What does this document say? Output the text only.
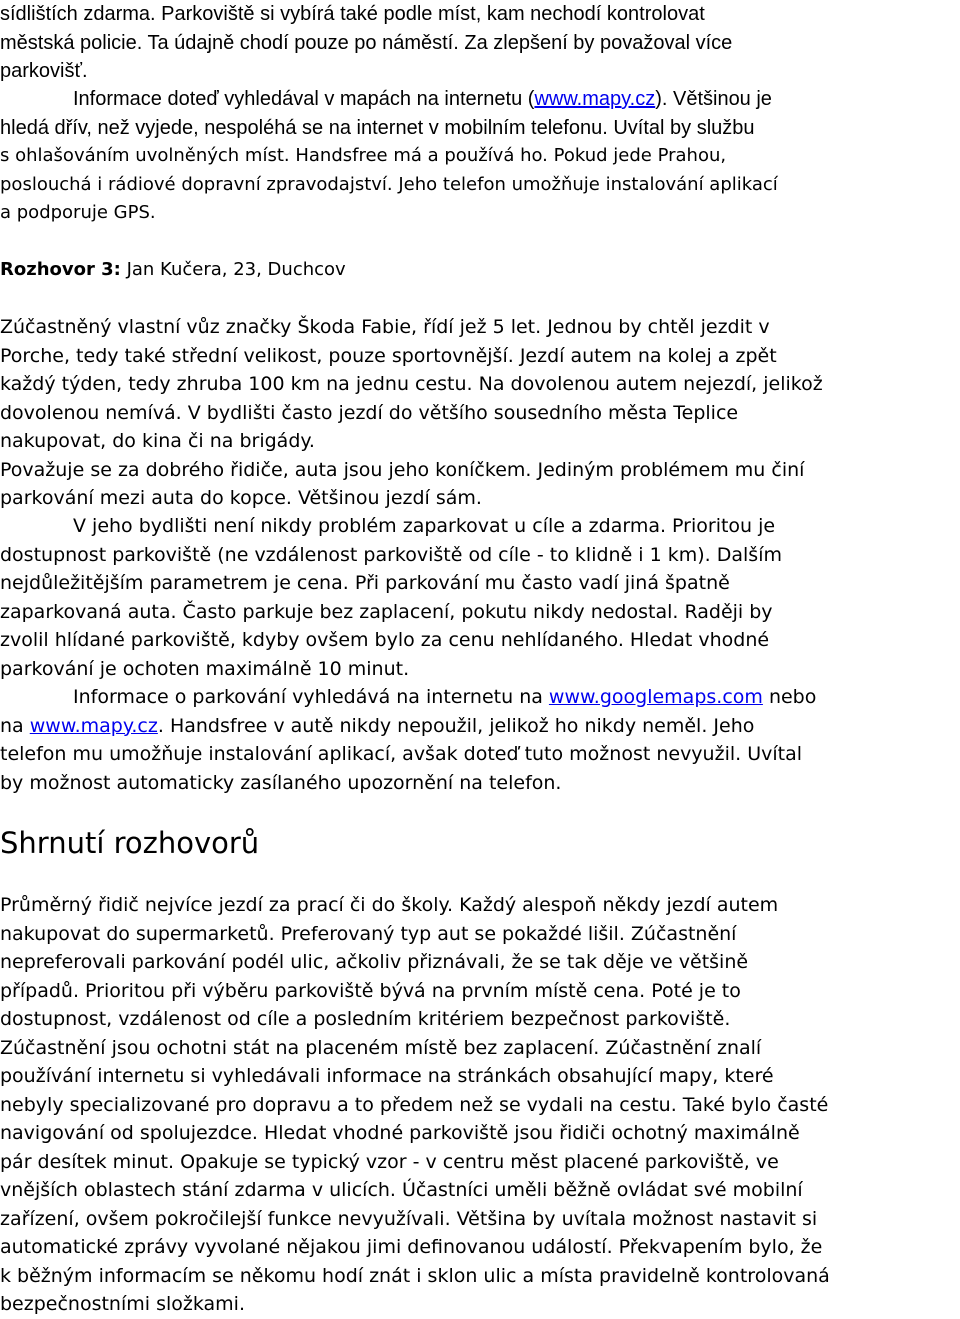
sídlištích zdarma. Parkoviště si vybírá také podle míst, kam nechodí kontrolovat
městská policie. Ta údajně chodí pouze po náměstí. Za zlepšení by považoval více
parkovišť.
Informace doteď vyhledával v mapách na internetu (www.mapy.cz). Většinou je
hledá dřív, než vyjede, nespoléhá se na internet v mobilním telefonu. Uvítal by službu
s ohlašováním uvolněných míst. Handsfree má a používá ho. Pokud jede Prahou,
poslouchá i rádiové dopravní zpravodajství. Jeho telefon umožňuje instalování aplikací
a podporuje GPS.
Rozhovor 3: Jan Kučera, 23, Duchcov
Zúčastněný vlastní vůz značky Škoda Fabie, řídí jež 5 let. Jednou by chtěl jezdit v
Porche, tedy také střední velikost, pouze sportovnější. Jezdí autem na kolej a zpět
každý týden, tedy zhruba 100 km na jednu cestu. Na dovolenou autem nejezdí, jelikož
dovolenou nemívá. V bydlišti často jezdí do většího sousedního města Teplice
nakupovat, do kina či na brigády.
Považuje se za dobrého řidiče, auta jsou jeho koníčkem. Jediným problémem mu činí
parkování mezi auta do kopce. Většinou jezdí sám.
V jeho bydlišti není nikdy problém zaparkovat u cíle a zdarma. Prioritou je
dostupnost parkoviště (ne vzdálenost parkoviště od cíle - to klidně i 1 km). Dalším
nejdůležitějším parametrem je cena. Při parkování mu často vadí jiná špatně
zaparkovaná auta. Často parkuje bez zaplacení, pokutu nikdy nedostal. Raději by
zvolil hlídané parkoviště, kdyby ovšem bylo za cenu nehlídaného. Hledat vhodné
parkování je ochoten maximálně 10 minut.
Informace o parkování vyhledává na internetu na www.googlemaps.com nebo
na www.mapy.cz. Handsfree v autě nikdy nepoužil, jelikož ho nikdy neměl. Jeho
telefon mu umožňuje instalování aplikací, avšak doteď tuto možnost nevyužil. Uvítal
by možnost automaticky zasílaného upozornění na telefon.
Shrnutí rozhovorů
Průměrný řidič nejvíce jezdí za prací či do školy. Každý alespoň někdy jezdí autem
nakupovat do supermarketů. Preferovaný typ aut se pokaždé lišil. Zúčastnění
nepreferovali parkování podél ulic, ačkoliv přiznávali, že se tak děje ve většině
případů. Prioritou při výběru parkoviště bývá na prvním místě cena. Poté je to
dostupnost, vzdálenost od cíle a posledním kritériem bezpečnost parkoviště.
Zúčastnění jsou ochotni stát na placeném místě bez zaplacení. Zúčastnění znalí
používání internetu si vyhledávali informace na stránkách obsahující mapy, které
nebyly specializované pro dopravu a to předem než se vydali na cestu. Také bylo časté
navigování od spolujezdce. Hledat vhodné parkoviště jsou řidiči ochotný maximálně
pár desítek minut. Opakuje se typický vzor - v centru měst placené parkoviště, ve
vnějších oblastech stání zdarma v ulicích. Účastníci uměli běžně ovládat své mobilní
zařízení, ovšem pokročilejší funkce nevyužívali. Většina by uvítala možnost nastavit si
automatické zprávy vyvolané nějakou jimi definovanou událostí. Překvapením bylo, že
k běžným informacím se někomu hodí znát i sklon ulic a místa pravidelně kontrolovaná
bezpečnostními složkami.
